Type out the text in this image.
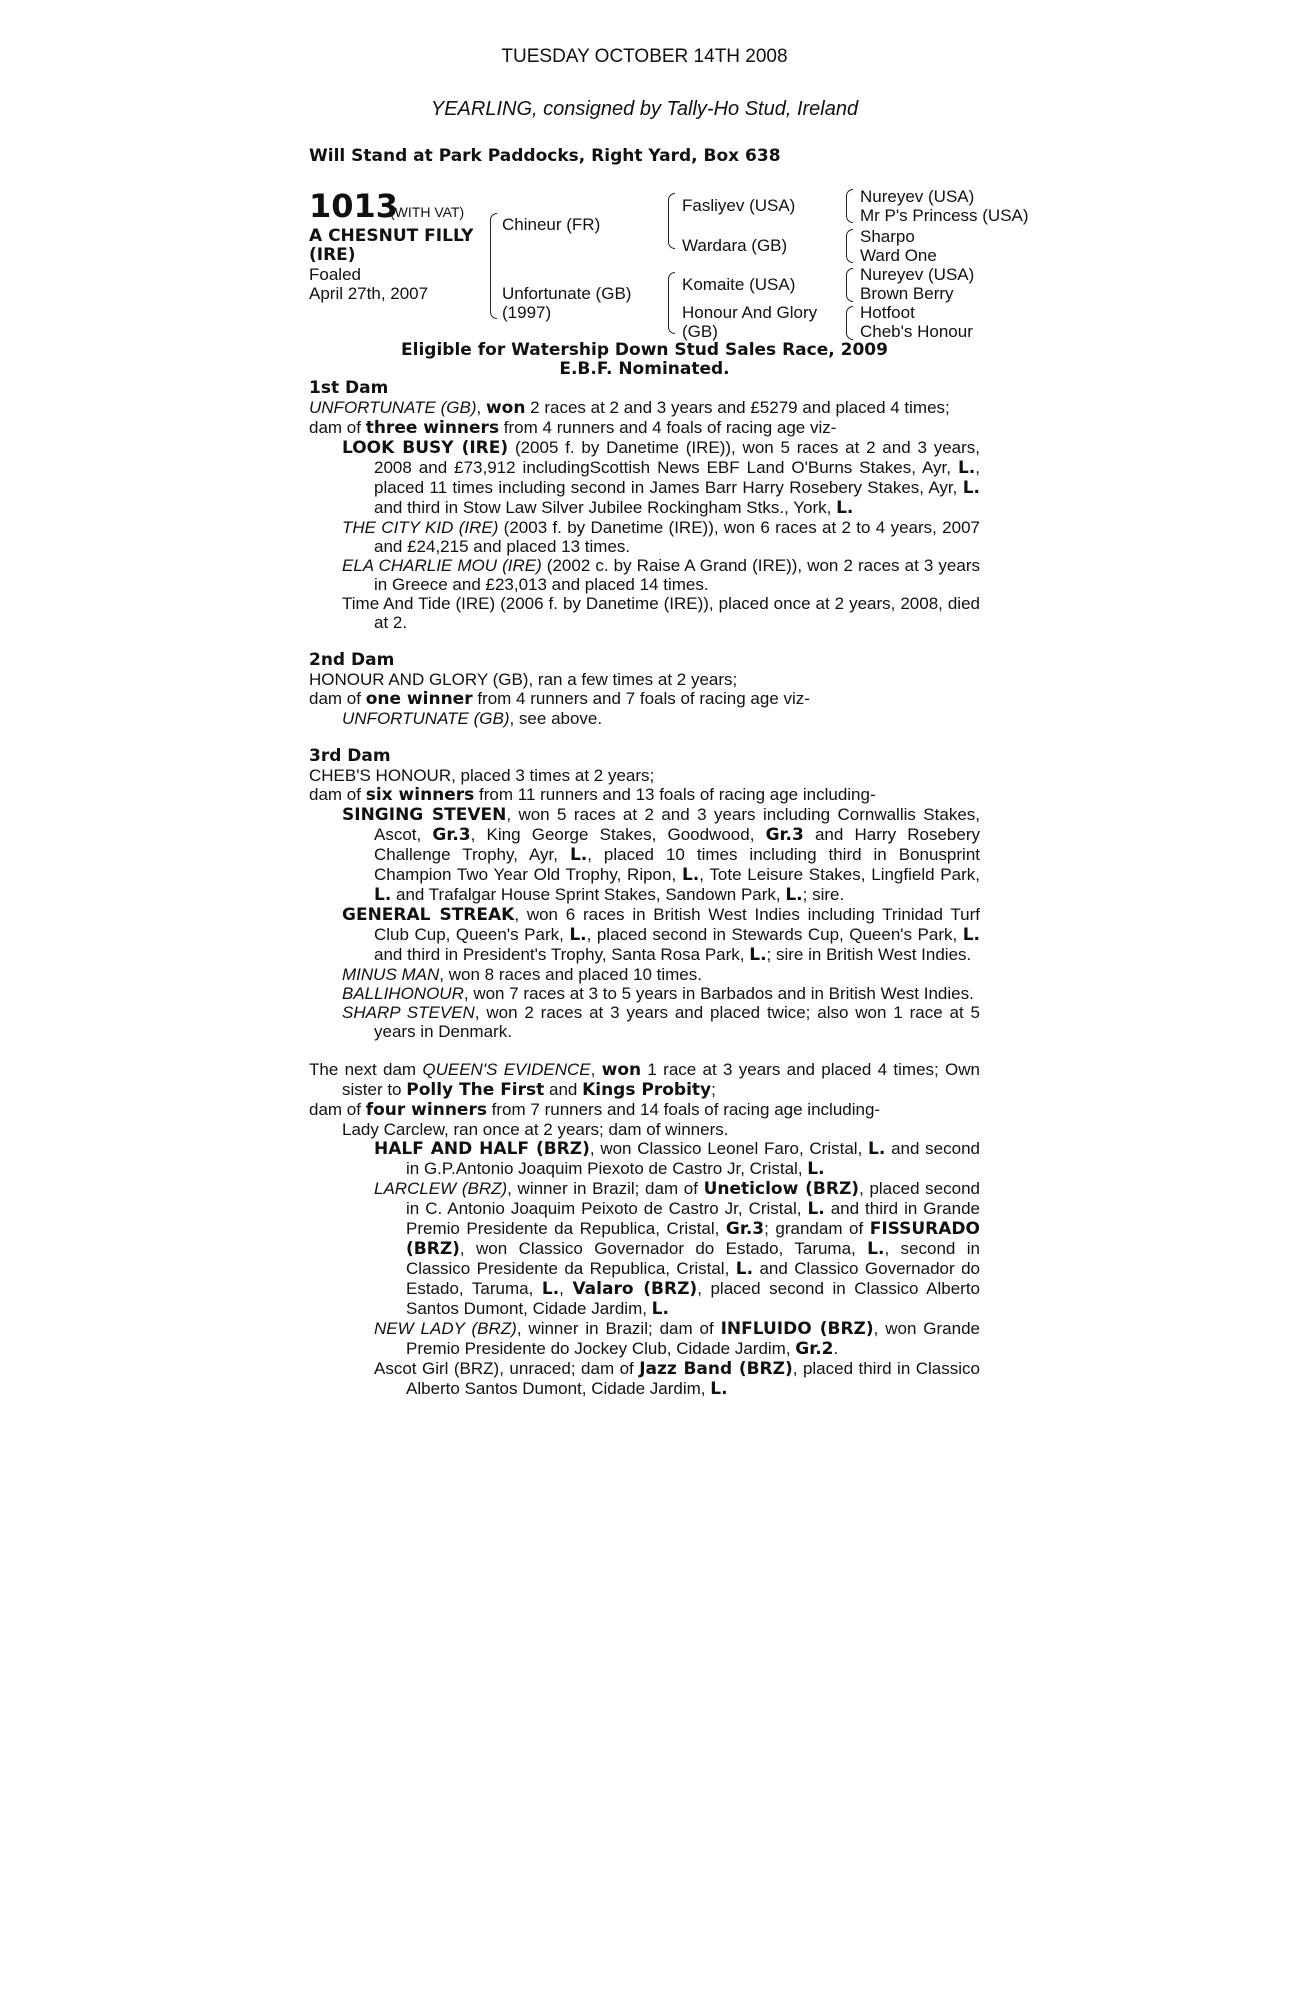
TUESDAY OCTOBER 14TH 2008
YEARLING, consigned by Tally-Ho Stud, Ireland
Will Stand at Park Paddocks, Right Yard, Box 638
1013
(WITH VAT)
A CHESNUT FILLY
(IRE)
Foaled
April 27th, 2007
Chineur (FR)
Unfortunate (GB)
(1997)
Fasliyev (USA)
Wardara (GB)
Komaite (USA)
Honour And Glory
(GB)
Nureyev (USA)
Mr P's Princess (USA)
Sharpo
Ward One
Nureyev (USA)
Brown Berry
Hotfoot
Cheb's Honour
Eligible for Watership Down Stud Sales Race, 2009
E.B.F. Nominated.
1st Dam
UNFORTUNATE (GB), won 2 races at 2 and 3 years and £5279 and placed 4 times;
dam of three winners from 4 runners and 4 foals of racing age viz-
LOOK BUSY (IRE) (2005 f. by Danetime (IRE)), won 5 races at 2 and 3 years, 2008 and £73,912 includingScottish News EBF Land O'Burns Stakes, Ayr, L., placed 11 times including second in James Barr Harry Rosebery Stakes, Ayr, L. and third in Stow Law Silver Jubilee Rockingham Stks., York, L.
THE CITY KID (IRE) (2003 f. by Danetime (IRE)), won 6 races at 2 to 4 years, 2007 and £24,215 and placed 13 times.
ELA CHARLIE MOU (IRE) (2002 c. by Raise A Grand (IRE)), won 2 races at 3 years in Greece and £23,013 and placed 14 times.
Time And Tide (IRE) (2006 f. by Danetime (IRE)), placed once at 2 years, 2008, died at 2.
2nd Dam
HONOUR AND GLORY (GB), ran a few times at 2 years;
dam of one winner from 4 runners and 7 foals of racing age viz-
UNFORTUNATE (GB), see above.
3rd Dam
CHEB'S HONOUR, placed 3 times at 2 years;
dam of six winners from 11 runners and 13 foals of racing age including-
SINGING STEVEN, won 5 races at 2 and 3 years including Cornwallis Stakes, Ascot, Gr.3, King George Stakes, Goodwood, Gr.3 and Harry Rosebery Challenge Trophy, Ayr, L., placed 10 times including third in Bonusprint Champion Two Year Old Trophy, Ripon, L., Tote Leisure Stakes, Lingfield Park, L. and Trafalgar House Sprint Stakes, Sandown Park, L.; sire.
GENERAL STREAK, won 6 races in British West Indies including Trinidad Turf Club Cup, Queen's Park, L., placed second in Stewards Cup, Queen's Park, L. and third in President's Trophy, Santa Rosa Park, L.; sire in British West Indies.
MINUS MAN, won 8 races and placed 10 times.
BALLIHONOUR, won 7 races at 3 to 5 years in Barbados and in British West Indies.
SHARP STEVEN, won 2 races at 3 years and placed twice; also won 1 race at 5 years in Denmark.
The next dam QUEEN'S EVIDENCE, won 1 race at 3 years and placed 4 times; Own sister to Polly The First and Kings Probity;
dam of four winners from 7 runners and 14 foals of racing age including-
Lady Carclew, ran once at 2 years; dam of winners.
HALF AND HALF (BRZ), won Classico Leonel Faro, Cristal, L. and second in G.P.Antonio Joaquim Piexoto de Castro Jr, Cristal, L.
LARCLEW (BRZ), winner in Brazil; dam of Uneticlow (BRZ), placed second in C. Antonio Joaquim Peixoto de Castro Jr, Cristal, L. and third in Grande Premio Presidente da Republica, Cristal, Gr.3; grandam of FISSURADO (BRZ), won Classico Governador do Estado, Taruma, L., second in Classico Presidente da Republica, Cristal, L. and Classico Governador do Estado, Taruma, L., Valaro (BRZ), placed second in Classico Alberto Santos Dumont, Cidade Jardim, L.
NEW LADY (BRZ), winner in Brazil; dam of INFLUIDO (BRZ), won Grande Premio Presidente do Jockey Club, Cidade Jardim, Gr.2.
Ascot Girl (BRZ), unraced; dam of Jazz Band (BRZ), placed third in Classico Alberto Santos Dumont, Cidade Jardim, L.
